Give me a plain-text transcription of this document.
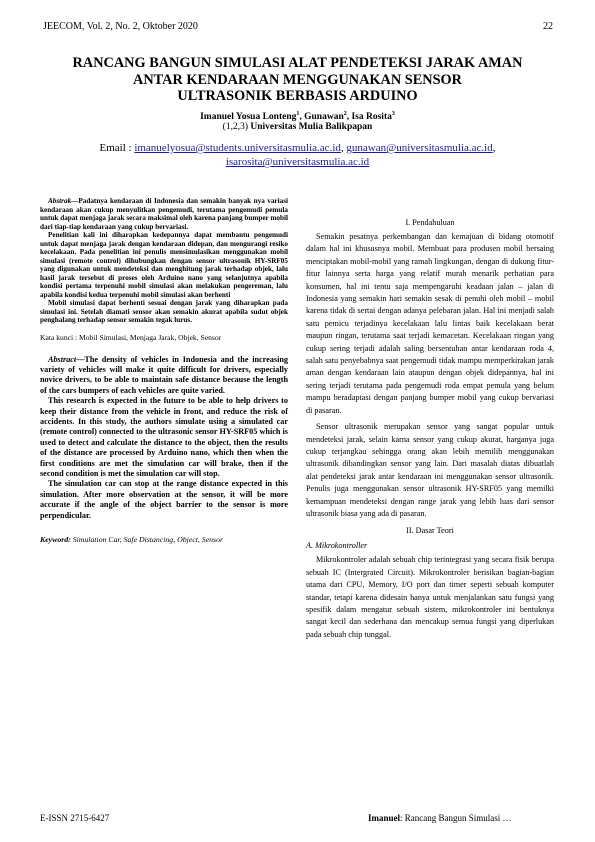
JEECOM, Vol. 2, No. 2, Oktober 2020	22
RANCANG BANGUN SIMULASI ALAT PENDETEKSI JARAK AMAN
ANTAR KENDARAAN MENGGUNAKAN SENSOR
ULTRASONIK BERBASIS ARDUINO
Imanuel Yosua Lonteng$^1$, Gunawan$^2$, Isa Rosita$^3$
(1,2,3) Universitas Mulia Balikpapan
Email : imanuelyosua@students.universitasmulia.ac.id, gunawan@universitasmulia.ac.id,
isarosita@universitasmulia.ac.id

Abstrak—Padatnya kendaraan di Indonesia dan semakin banyak nya variasi kendaraan akan cukup menyulitkan pengemudi, terutama pengemudi pemula untuk dapat menjaga jarak secara maksimal oleh karena panjang bumper mobil dari tiap-tiap kendaraan yang cukup bervariasi.

Penelitian kali ini diharapkan kedepannya dapat membantu pengemudi untuk dapat menjaga jarak dengan kendaraan didepan, dan mengurangi resiko kecelakaan. Pada penelitian ini penulis mensimulasikan menggunakan mobil simulasi (remote control) dihubungkan dengan sensor ultrasonik HY-SRF05 yang digunakan untuk mendeteksi dan menghitung jarak terhadap objek, lalu hasil jarak tersebut di proses oleh Arduino nano yang selanjutnya apabila kondisi pertama terpenuhi mobil simulasi akan melakukan pengereman, lalu apabila kondisi kedua terpenuhi mobil simulasi akan berhenti

Mobil simulasi dapat berhenti sesuai dengan jarak yang diharapkan pada simulasi ini. Setelah diamati sensor akan semakin akurat apabila sudut objek penghalang terhadap sensor semakin tegak lurus.

Kata kunci : Mobil Simulasi, Menjaga Jarak, Objek, Sensor

Abstract—The density of vehicles in Indonesia and the increasing variety of vehicles will make it quite difficult for drivers, especially novice drivers, to be able to maintain safe distance because the length of the cars bumpers of each vehicles are quite varied.

This research is expected in the future to be able to help drivers to keep their distance from the vehicle in front, and reduce the risk of accidents. In this study, the authors simulate using a simulated car (remote control) connected to the ultrasonic sensor HY-SRF05 which is used to detect and calculate the distance to the object, then the results of the distance are processed by Arduino nano, which then when the first conditions are met the simulation car will brake, then if the second condition is met the simulation car will stop.

The simulation car can stop at the range distance expected in this simulation. After more observation at the sensor, it will be more accurate if the angle of the object barrier to the sensor is more perpendicular.

Keyword: Simulation Car, Safe Distancing, Object, Sensor

I. Pendahuluan

Semakin pesatnya perkembangan dan kemajuan di bidang otomotif dalam hal ini khususnya mobil. Membuat para produsen mobil bersaing menciptakan mobil-mobil yang ramah lingkungan, dengan di dukung fitur-fitur lainnya serta harga yang relatif murah menarik perhatian para konsumen, hal ini tentu saja mempengaruhi keadaan jalan – jalan di Indonesia yang semakin hari semakin sesak di penuhi oleh mobil – mobil karena tidak di sertai dengan adanya pelebaran jalan. Hal ini menjadi salah satu pemicu terjadinya kecelakaan lalu lintas baik kecelakaan berat maupun ringan, terutama saat terjadi kemacetan. Kecelakaan ringan yang cukup sering terjadi adalah saling bersentuhan antar kendaraan roda 4, salah satu penyebabnya saat pengemudi tidak mampu memperkirakan jarak aman dengan kendaraan lain ataupun dengan objek didepannya, hal ini sering terjadi terutama pada pengemudi roda empat pemula yang belum mampu beradaptasi dengan panjang bumper mobil yang cukup bervariasi di pasaran.

Sensor ultrasonik merupakan sensor yang sangat popular untuk mendeteksi jarak, selain karna sensor yang cukup akurat, harganya juga cukup terjangkau sehingga orang akan lebih memilih menggunakan ultrasonik dibandingkan sensor yang lain. Dari masalah diatas dibuatlah alat pendeteksi jarak antar kendaraan ini menggunakan sensor ultrasonik. Penulis juga menggunakan sensor ultrasonik HY-SRF05 yang memilki kemampuan mendeteksi dengan range jarak yang lebih luas dari sensor ultrasonik biasa yang ada di pasaran.

II. Dasar Teori

A. Mikrokontroller

Mikrokontroler adalah sebuah chip terintegrasi yang secara fisik berupa sebuah IC (Intergrated Circuit). Mikrokontroler berisikan bagian-bagian utama dari CPU, Memory, I/O port dan timer seperti sebuah komputer standar, tetapi karena didesain hanya untuk menjalankan satu fungsi yang spesifik dalam mengatur sebuah sistem, mikrokontroler ini bentuknya sangat kecil dan sederhana dan mencakup semua fungsi yang diperlukan pada sebuah chip tunggal.

E-ISSN 2715-6427	Imanuel: Rancang Bangun Simulasi …
